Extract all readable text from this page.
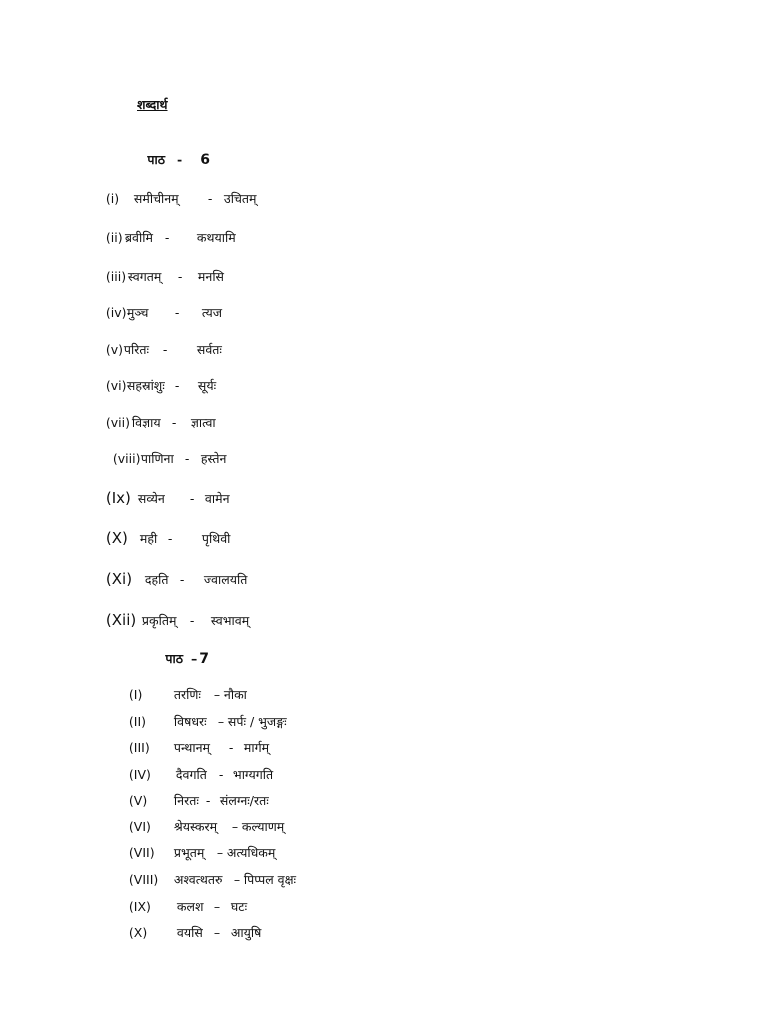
शब्दार्थ

पाठ - 6

(i) समीचीनम् - उचितम्

(ii) ब्रवीमि - कथयामि

(iii) स्वगतम् - मनसि

(iv)मुञ्च - त्यज

(v)परितः - सर्वतः

(vi)सहस्रांशुः - सूर्यः

(vii) विज्ञाय - ज्ञात्वा

(viii)पाणिना - हस्तेन

(Ix) सव्येन - वामेन

(X) मही - पृथिवी

(Xi) दहति - ज्वालयति

(Xii) प्रकृतिम् - स्वभावम्

पाठ – 7

(I)	तरणिः – नौका

(II) विषधरः – सर्पः / भुजङ्गः

(III) पन्थानम् - मार्गम्

(IV) दैवगति - भाग्यगति

(V) निरतः - संलग्नः/रतः

(VI) श्रेयस्करम् – कल्याणम्

(VII) प्रभूतम् – अत्यधिकम्

(VIII) अश्वत्थतरु – पिप्पल वृक्षः

(IX) कलश – घटः

(X) वयसि – आयुषि
